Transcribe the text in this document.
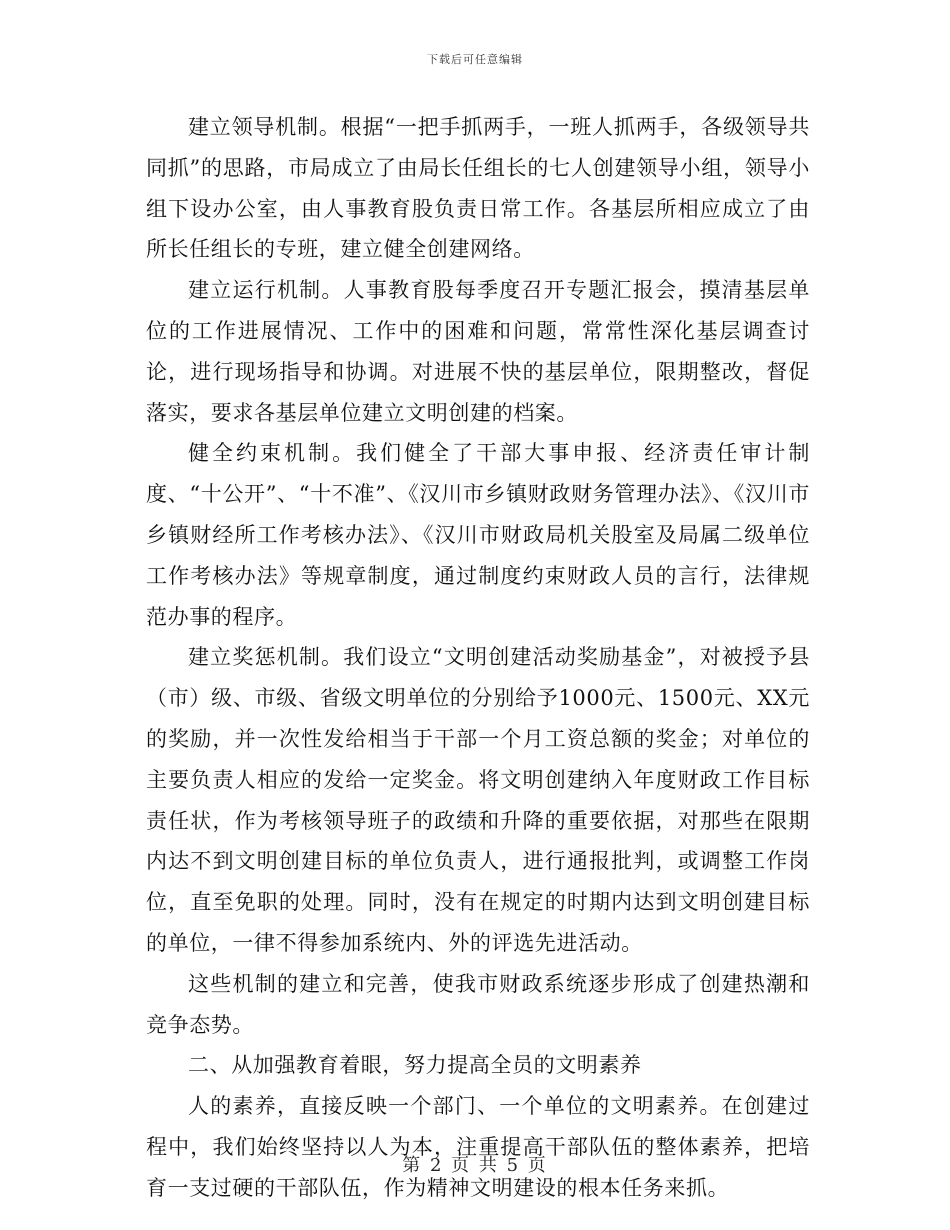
下载后可任意编辑

建立领导机制。根据“一把手抓两手，一班人抓两手，各级领导共同抓”的思路，市局成立了由局长任组长的七人创建领导小组，领导小组下设办公室，由人事教育股负责日常工作。各基层所相应成立了由所长任组长的专班，建立健全创建网络。

建立运行机制。人事教育股每季度召开专题汇报会，摸清基层单位的工作进展情况、工作中的困难和问题，常常性深化基层调查讨论，进行现场指导和协调。对进展不快的基层单位，限期整改，督促落实，要求各基层单位建立文明创建的档案。

健全约束机制。我们健全了干部大事申报、经济责任审计制度、“十公开”、“十不准”、《汉川市乡镇财政财务管理办法》、《汉川市乡镇财经所工作考核办法》、《汉川市财政局机关股室及局属二级单位工作考核办法》等规章制度，通过制度约束财政人员的言行，法律规范办事的程序。

建立奖惩机制。我们设立“文明创建活动奖励基金”，对被授予县（市）级、市级、省级文明单位的分别给予1000元、1500元、XX元的奖励，并一次性发给相当于干部一个月工资总额的奖金；对单位的主要负责人相应的发给一定奖金。将文明创建纳入年度财政工作目标责任状，作为考核领导班子的政绩和升降的重要依据，对那些在限期内达不到文明创建目标的单位负责人，进行通报批判，或调整工作岗位，直至免职的处理。同时，没有在规定的时期内达到文明创建目标的单位，一律不得参加系统内、外的评选先进活动。

这些机制的建立和完善，使我市财政系统逐步形成了创建热潮和竞争态势。

二、从加强教育着眼，努力提高全员的文明素养

人的素养，直接反映一个部门、一个单位的文明素养。在创建过程中，我们始终坚持以人为本，注重提高干部队伍的整体素养，把培育一支过硬的干部队伍，作为精神文明建设的根本任务来抓。

第 2 页 共 5 页
